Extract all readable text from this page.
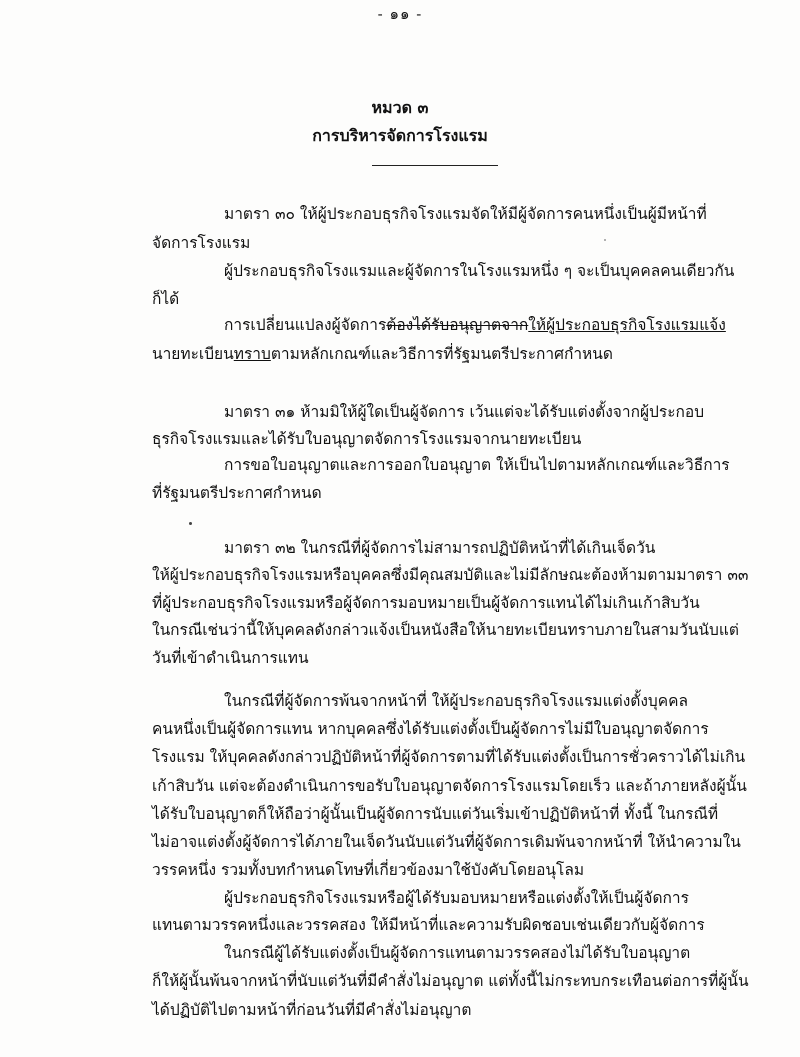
- ๑๑ -
หมวด ๓
การบริหารจัดการโรงแรม
มาตรา ๓๐ ให้ผู้ประกอบธุรกิจโรงแรมจัดให้มีผู้จัดการคนหนึ่งเป็นผู้มีหน้าที่
จัดการโรงแรม
ผู้ประกอบธุรกิจโรงแรมและผู้จัดการในโรงแรมหนึ่ง ๆ จะเป็นบุคคลคนเดียวกัน
ก็ได้
การเปลี่ยนแปลงผู้จัดการต้องได้รับอนุญาตจากให้ผู้ประกอบธุรกิจโรงแรมแจ้ง
นายทะเบียนทราบตามหลักเกณฑ์และวิธีการที่รัฐมนตรีประกาศกำหนด
มาตรา ๓๑ ห้ามมิให้ผู้ใดเป็นผู้จัดการ เว้นแต่จะได้รับแต่งตั้งจากผู้ประกอบ
ธุรกิจโรงแรมและได้รับใบอนุญาตจัดการโรงแรมจากนายทะเบียน
การขอใบอนุญาตและการออกใบอนุญาต ให้เป็นไปตามหลักเกณฑ์และวิธีการ
ที่รัฐมนตรีประกาศกำหนด
มาตรา ๓๒ ในกรณีที่ผู้จัดการไม่สามารถปฏิบัติหน้าที่ได้เกินเจ็ดวัน
ให้ผู้ประกอบธุรกิจโรงแรมหรือบุคคลซึ่งมีคุณสมบัติและไม่มีลักษณะต้องห้ามตามมาตรา ๓๓
ที่ผู้ประกอบธุรกิจโรงแรมหรือผู้จัดการมอบหมายเป็นผู้จัดการแทนได้ไม่เกินเก้าสิบวัน
ในกรณีเช่นว่านี้ให้บุคคลดังกล่าวแจ้งเป็นหนังสือให้นายทะเบียนทราบภายในสามวันนับแต่
วันที่เข้าดำเนินการแทน
ในกรณีที่ผู้จัดการพ้นจากหน้าที่ ให้ผู้ประกอบธุรกิจโรงแรมแต่งตั้งบุคคล
คนหนึ่งเป็นผู้จัดการแทน หากบุคคลซึ่งได้รับแต่งตั้งเป็นผู้จัดการไม่มีใบอนุญาตจัดการ
โรงแรม ให้บุคคลดังกล่าวปฏิบัติหน้าที่ผู้จัดการตามที่ได้รับแต่งตั้งเป็นการชั่วคราวได้ไม่เกิน
เก้าสิบวัน แต่จะต้องดำเนินการขอรับใบอนุญาตจัดการโรงแรมโดยเร็ว และถ้าภายหลังผู้นั้น
ได้รับใบอนุญาตก็ให้ถือว่าผู้นั้นเป็นผู้จัดการนับแต่วันเริ่มเข้าปฏิบัติหน้าที่ ทั้งนี้ ในกรณีที่
ไม่อาจแต่งตั้งผู้จัดการได้ภายในเจ็ดวันนับแต่วันที่ผู้จัดการเดิมพ้นจากหน้าที่ ให้นำความใน
วรรคหนึ่ง รวมทั้งบทกำหนดโทษที่เกี่ยวข้องมาใช้บังคับโดยอนุโลม
ผู้ประกอบธุรกิจโรงแรมหรือผู้ได้รับมอบหมายหรือแต่งตั้งให้เป็นผู้จัดการ
แทนตามวรรคหนึ่งและวรรคสอง ให้มีหน้าที่และความรับผิดชอบเช่นเดียวกับผู้จัดการ
ในกรณีผู้ได้รับแต่งตั้งเป็นผู้จัดการแทนตามวรรคสองไม่ได้รับใบอนุญาต
ก็ให้ผู้นั้นพ้นจากหน้าที่นับแต่วันที่มีคำสั่งไม่อนุญาต แต่ทั้งนี้ไม่กระทบกระเทือนต่อการที่ผู้นั้น
ได้ปฏิบัติไปตามหน้าที่ก่อนวันที่มีคำสั่งไม่อนุญาต
